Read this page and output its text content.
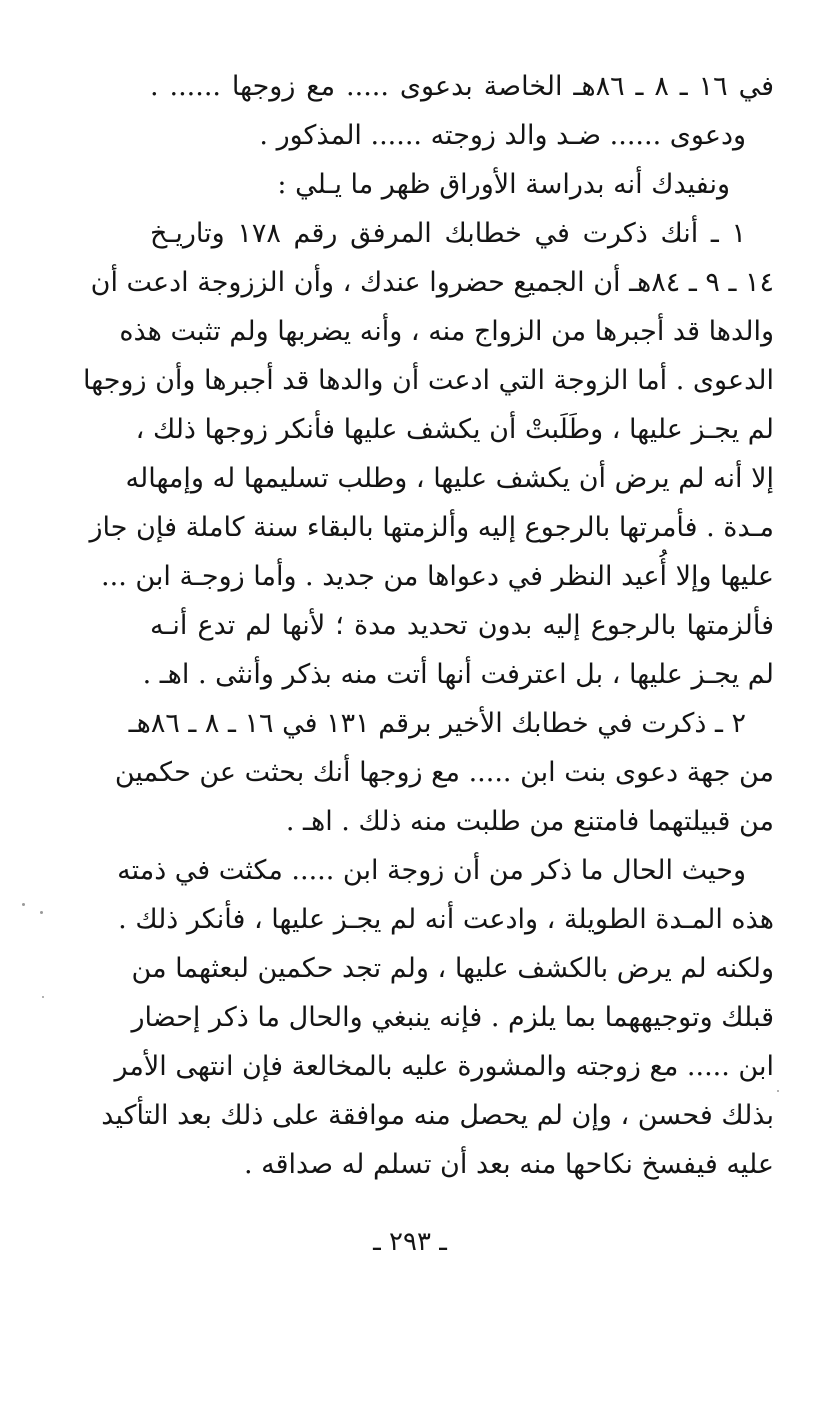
في ١٦ ـ ٨ ـ ٨٦هـ الخاصة بدعوى ..... مع زوجها ...... .
ودعوى ...... ضـد والد زوجته ...... المذكور .
ونفيدك أنه بدراسة الأوراق ظهر ما يـلي :
١ ـ أنك ذكرت في خطابك المرفق رقم ١٧٨ وتاريـخ
١٤ ـ ٩ ـ ٨٤هـ أن الجميع حضروا عندك ، وأن الززوجة ادعت أن
والدها قد أجبرها من الزواج منه ، وأنه يضربها ولم تثبت هذه
الدعوى . أما الزوجة التي ادعت أن والدها قد أجبرها وأن زوجها
لم يجـز عليها ، وطَلَبتْ أن يكشف عليها فأنكر زوجها ذلك ،
إلا أنه لم يرض أن يكشف عليها ، وطلب تسليمها له وإمهاله
مـدة . فأمرتها بالرجوع إليه وألزمتها بالبقاء سنة كاملة فإن جاز
عليها وإلا أُعيد النظر في دعواها من جديد . وأما زوجـة ابن ...
فألزمتها بالرجوع إليه بدون تحديد مدة ؛ لأنها لم تدع أنـه
لم يجـز عليها ، بل اعترفت أنها أتت منه بذكر وأنثى . اهـ .
٢ ـ ذكرت في خطابك الأخير برقم ١٣١ في ١٦ ـ ٨ ـ ٨٦هـ
من جهة دعوى بنت ابن ..... مع زوجها أنك بحثت عن حكمين
من قبيلتهما فامتنع من طلبت منه ذلك . اهـ .
وحيث الحال ما ذكر من أن زوجة ابن ..... مكثت في ذمته
هذه المـدة الطويلة ، وادعت أنه لم يجـز عليها ، فأنكر ذلك .
ولكنه لم يرض بالكشف عليها ، ولم تجد حكمين لبعثهما من
قبلك وتوجيههما بما يلزم . فإنه ينبغي والحال ما ذكر إحضار
ابن ..... مع زوجته والمشورة عليه بالمخالعة فإن انتهى الأمر
بذلك فحسن ، وإن لم يحصل منه موافقة على ذلك بعد التأكيد
عليه فيفسخ نكاحها منه بعد أن تسلم له صداقه .
ـ ٢٩٣ ـ
